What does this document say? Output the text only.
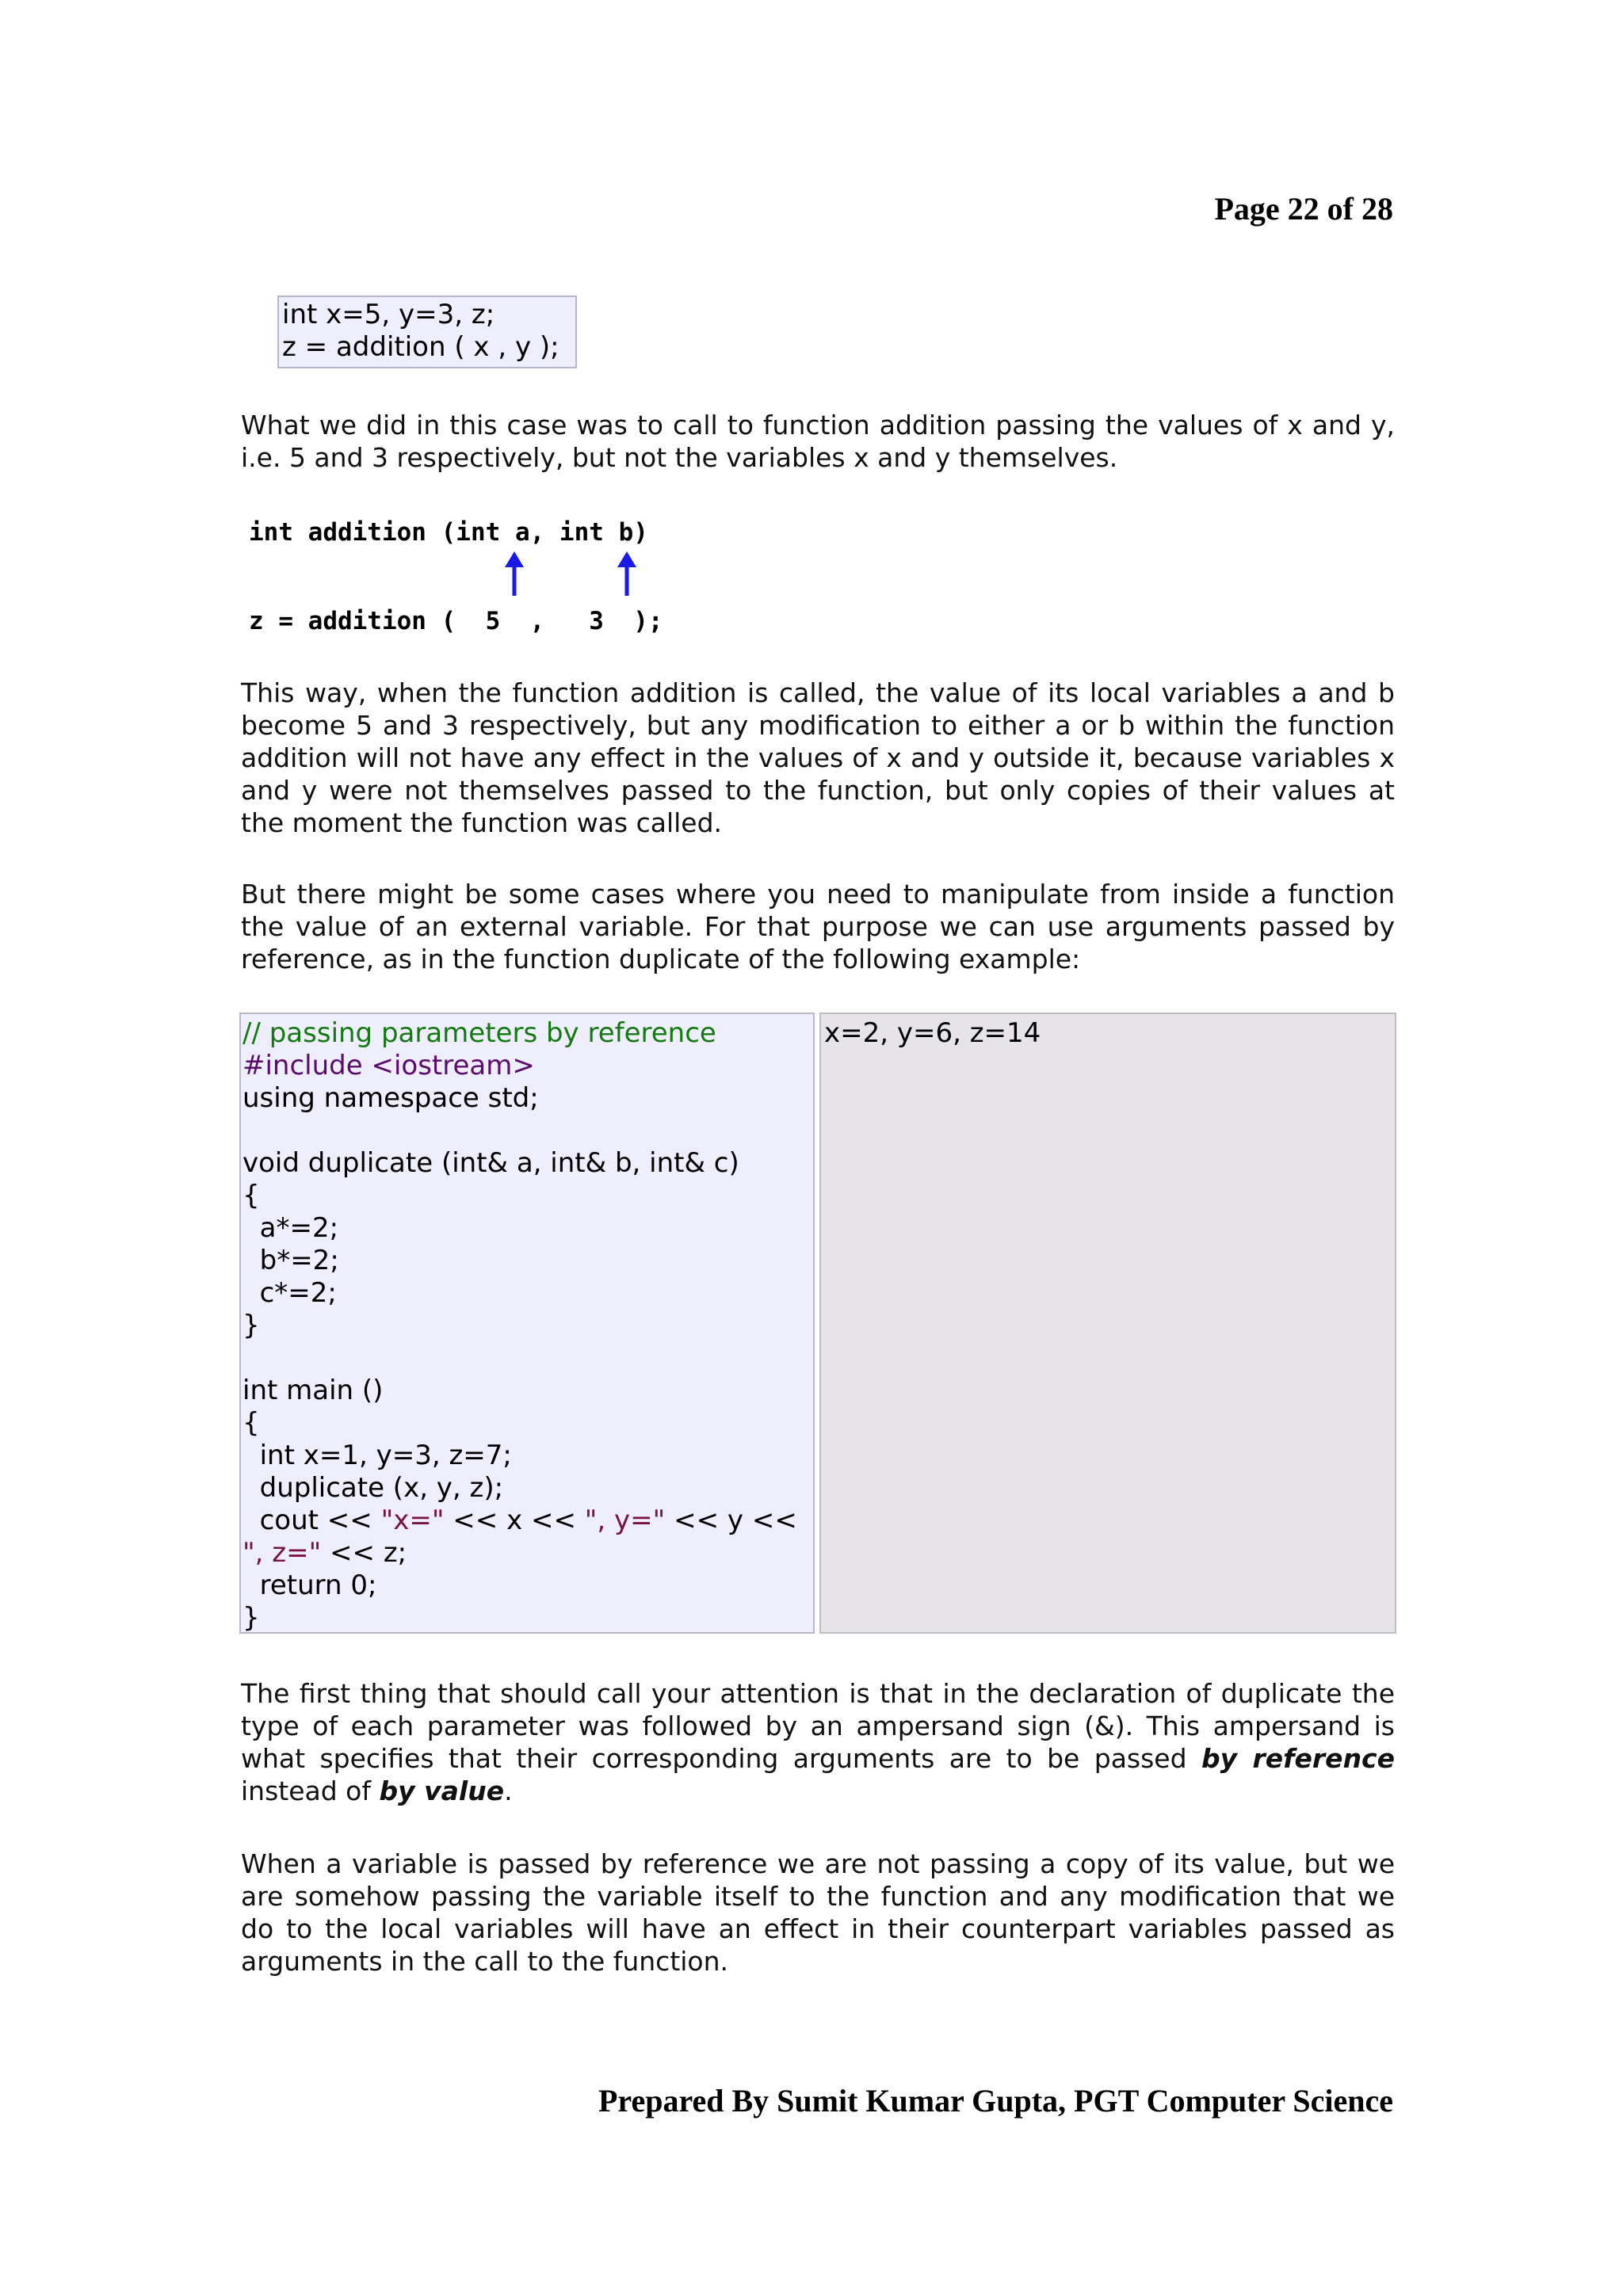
Page 22 of 28
int x=5, y=3, z;
z = addition ( x , y );

What we did in this case was to call to function addition passing the values of x and y, i.e. 5 and 3 respectively, but not the variables x and y themselves.

int addition (int a, int b)
z = addition (  5  ,   3  );

This way, when the function addition is called, the value of its local variables a and b become 5 and 3 respectively, but any modification to either a or b within the function addition will not have any effect in the values of x and y outside it, because variables x and y were not themselves passed to the function, but only copies of their values at the moment the function was called.

But there might be some cases where you need to manipulate from inside a function the value of an external variable. For that purpose we can use arguments passed by reference, as in the function duplicate of the following example:

// passing parameters by reference
#include <iostream>
using namespace std;
void duplicate (int& a, int& b, int& c)
{
a*=2;
b*=2;
c*=2;
}
int main ()
{
int x=1, y=3, z=7;
duplicate (x, y, z);
cout << "x=" << x << ", y=" << y <<
", z=" << z;
return 0;
}
x=2, y=6, z=14

The first thing that should call your attention is that in the declaration of duplicate the type of each parameter was followed by an ampersand sign (&). This ampersand is what specifies that their corresponding arguments are to be passed by reference instead of by value.

When a variable is passed by reference we are not passing a copy of its value, but we are somehow passing the variable itself to the function and any modification that we do to the local variables will have an effect in their counterpart variables passed as arguments in the call to the function.

Prepared By Sumit Kumar Gupta, PGT Computer Science
